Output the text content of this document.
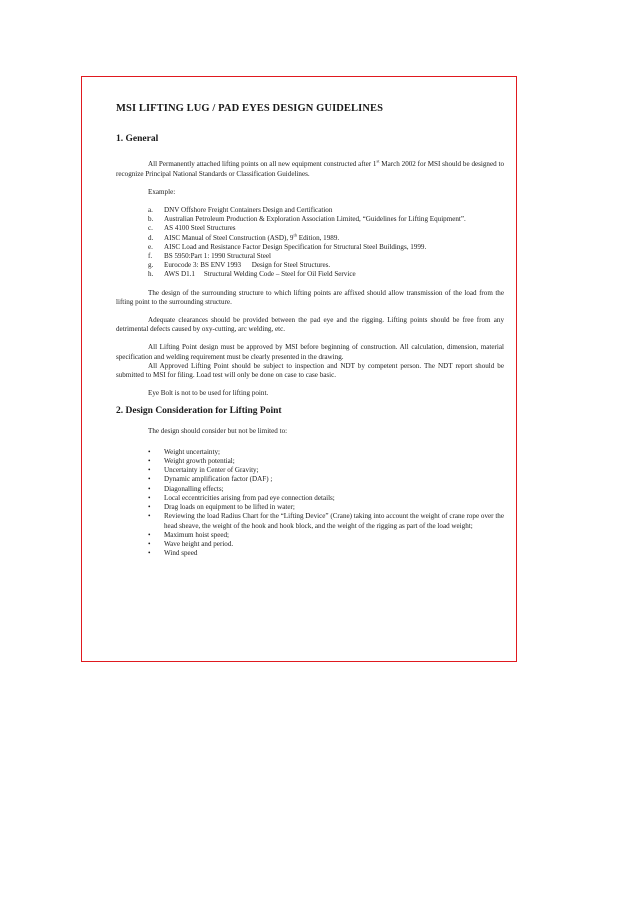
MSI LIFTING LUG / PAD EYES DESIGN GUIDELINES
1. General

All Permanently attached lifting points on all new equipment constructed after 1st March 2002 for MSI should be designed to recognize Principal National Standards or Classification Guidelines.

Example:

a.	DNV Offshore Freight Containers Design and Certification
b.	Australian Petroleum Production & Exploration Association Limited, “Guidelines for Lifting Equipment”.
c.	AS 4100 Steel Structures
d.	AISC Manual of Steel Construction (ASD), 9th Edition, 1989.
e.	AISC Load and Resistance Factor Design Specification for Structural Steel Buildings, 1999.
f.	BS 5950:Part 1: 1990 Structural Steel
g.	Eurocode 3: BS ENV 1993      Design for Steel Structures.
h.	AWS D1.1     Structural Welding Code – Steel for Oil Field Service

The design of the surrounding structure to which lifting points are affixed should allow transmission of the load from the lifting point to the surrounding structure.

Adequate clearances should be provided between the pad eye and the rigging. Lifting points should be free from any detrimental defects caused by oxy-cutting, arc welding, etc.

All Lifting Point design must be approved by MSI before beginning of construction. All calculation, dimension, material specification and welding requirement must be clearly presented in the drawing.

All Approved Lifting Point should be subject to inspection and NDT by competent person. The NDT report should be submitted to MSI for filing. Load test will only be done on case to case basic.

Eye Bolt is not to be used for lifting point.

2. Design Consideration for Lifting Point

The design should consider but not be limited to:

•	Weight uncertainty;
•	Weight growth potential;
•	Uncertainty in Center of Gravity;
•	Dynamic amplification factor (DAF) ;
•	Diagonalling effects;
•	Local eccentricities arising from pad eye connection details;
•	Drag loads on equipment to be lifted in water;
•	Reviewing the load Radius Chart for the “Lifting Device” (Crane) taking into account the weight of crane rope over the head sheave, the weight of the hook and hook block, and the weight of the rigging as part of the load weight;
•	Maximum hoist speed;
•	Wave height and period.
•	Wind speed
